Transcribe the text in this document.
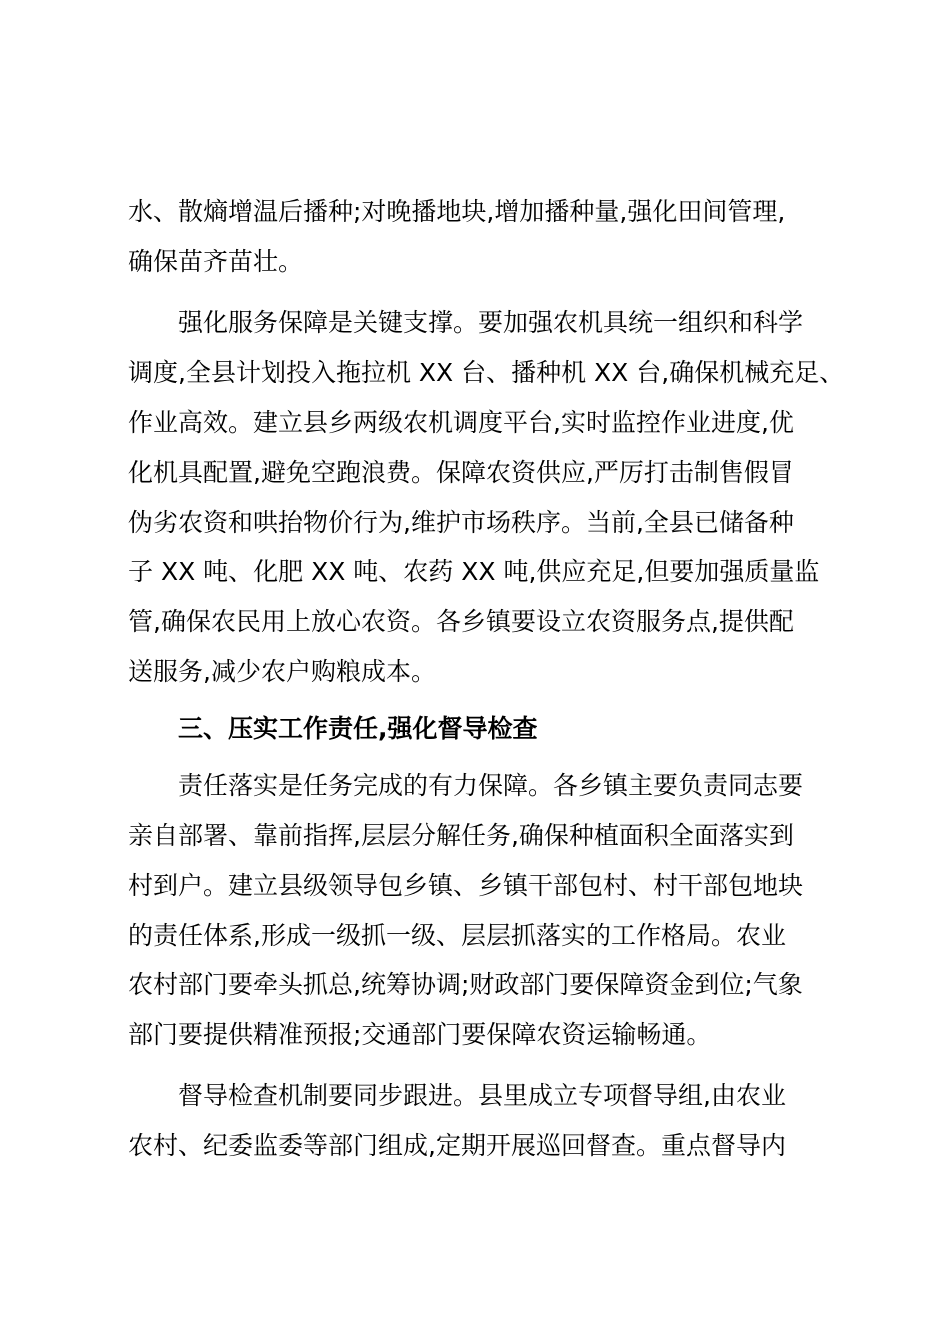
水、散熵增温后播种;对晚播地块,增加播种量,强化田间管理,
确保苗齐苗壮。
强化服务保障是关键支撑。要加强农机具统一组织和科学
调度,全县计划投入拖拉机 XX 台、播种机 XX 台,确保机械充足、
作业高效。建立县乡两级农机调度平台,实时监控作业进度,优
化机具配置,避免空跑浪费。保障农资供应,严厉打击制售假冒
伪劣农资和哄抬物价行为,维护市场秩序。当前,全县已储备种
子 XX 吨、化肥 XX 吨、农药 XX 吨,供应充足,但要加强质量监
管,确保农民用上放心农资。各乡镇要设立农资服务点,提供配
送服务,减少农户购粮成本。
三、压实工作责任,强化督导检查
责任落实是任务完成的有力保障。各乡镇主要负责同志要
亲自部署、靠前指挥,层层分解任务,确保种植面积全面落实到
村到户。建立县级领导包乡镇、乡镇干部包村、村干部包地块
的责任体系,形成一级抓一级、层层抓落实的工作格局。农业
农村部门要牵头抓总,统筹协调;财政部门要保障资金到位;气象
部门要提供精准预报;交通部门要保障农资运输畅通。
督导检查机制要同步跟进。县里成立专项督导组,由农业
农村、纪委监委等部门组成,定期开展巡回督查。重点督导内
